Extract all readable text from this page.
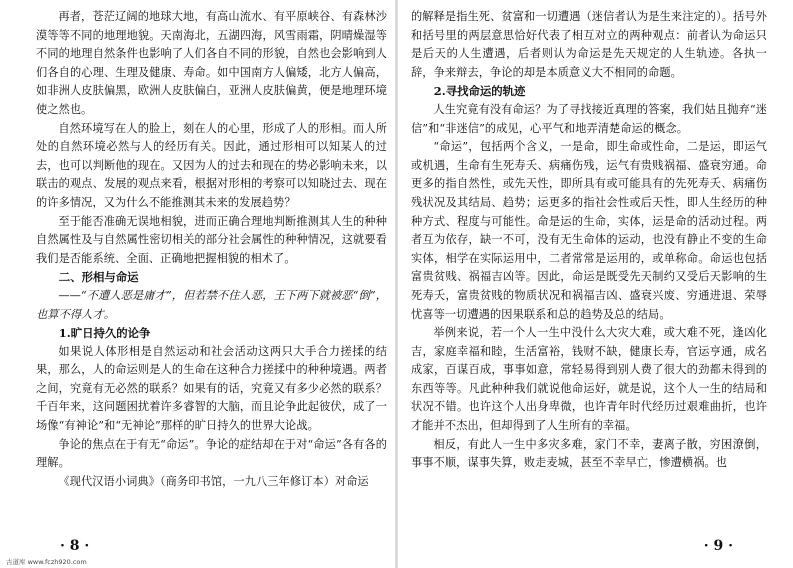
再者，苍茫辽阔的地球大地，有高山流水、有平原峡谷、有森林沙漠等等不同的地理地貌。天南海北，五湖四海，风雪雨霜，阴晴燥湿等不同的地理自然条件也影响了人们各自不同的形貌，自然也会影响到人们各自的心理、生理及健康、寿命。如中国南方人偏矮，北方人偏高，如非洲人皮肤偏黑，欧洲人皮肤偏白，亚洲人皮肤偏黄，便是地理环境使之然也。

自然环境写在人的脸上，刻在人的心里，形成了人的形相。而人所处的自然环境必然与人的经历有关。因此，通过形相可以知某人的过去，也可以判断他的现在。又因为人的过去和现在的势必影响未来，以联击的观点、发展的观点来看，根据对形相的考察可以知晓过去、现在的许多情况，又为什么不能推测其未来的发展趋势？

至于能否准确无误地相貌，进而正确合理地判断推测其人生的种种自然属性及与自然属性密切相关的部分社会属性的种种情况，这就要看我们是否能系统、全面、正确地把握相貌的相术了。

二、形相与命运

——“不遭人恶是庸才”，但若禁不住人恶，王下两下就被恶“倒”，也算不得人才。

1.旷日持久的论争

如果说人体形相是自然运动和社会活动这两只大手合力搓揉的结果，那么，人的命运则是人的生命在这种合力搓揉中的种种境遇。两者之间，究竟有无必然的联系？如果有的话，究竟又有多少必然的联系？千百年来，这问题困扰着许多睿智的大脑，而且论争此起彼伏，成了一场像“有神论”和“无神论”那样的旷日持久的世界大论战。

争论的焦点在于有无“命运”。争论的症结却在于对“命运”各有各的理解。

《现代汉语小词典》（商务印书馆，一九八三年修订本）对命运

· 8 ·

的解释是指生死、贫富和一切遭遇（迷信者认为是生来注定的）。括号外和括号里的两层意思恰好代表了相互对立的两种观点：前者认为命运只是后天的人生遭遇，后者则认为命运是先天规定的人生轨迹。各执一辞，争来辩去，争论的却是本质意义大不相同的命题。

2.寻找命运的轨迹

人生究竟有没有命运？为了寻找接近真理的答案，我们姑且抛弃“迷信”和“非迷信”的成见，心平气和地弄清楚命运的概念。

“命运”，包括两个含义，一是命，即生命或性命，二是运，即运气或机遇，生命有生死寿夭、病痛伤残，运气有贵贱祸福、盛衰穷通。命更多的指自然性，或先天性，即所具有或可能具有的先死寿夭、病痛伤残状况及其结局、趋势；运更多的指社会性或后天性，即人生经历的种种方式、程度与可能性。命是运的生命，实体，运是命的活动过程。两者互为依存，缺一不可，没有无生命体的运动，也没有静止不变的生命实体，相学在实际运用中，二者常常是运用的，或单称命。命运也包括富贵贫贱、祸福吉凶等。因此，命运是既受先天制约又受后天影响的生死寿夭，富贵贫贱的物质状况和祸福吉凶、盛衰兴废、穷通进退、荣辱忧喜等一切遭遇的因果联系和总的趋势及总的结局。

举例来说，若一个人一生中没什么大灾大难，或大难不死，逢凶化吉，家庭幸福和睦，生活富裕，钱财不缺，健康长寿，官运亨通，成名成家，百谋百成，事事如意，常轻易得到别人费了很大的劲都未得到的东西等等。凡此种种我们就说他命运好，就是说，这个人一生的结局和状况不错。也许这个人出身卑微，也许青年时代经历过艰难曲折，也许才能并不杰出，但却得到了人生所有的幸福。

相反，有此人一生中多灾多难，家门不幸，妻离子散，穷困潦倒，事事不顺，谋事失算，败走麦城，甚至不幸早亡，惨遭横祸。也

· 9 ·
古道库 www.fczh920.com
